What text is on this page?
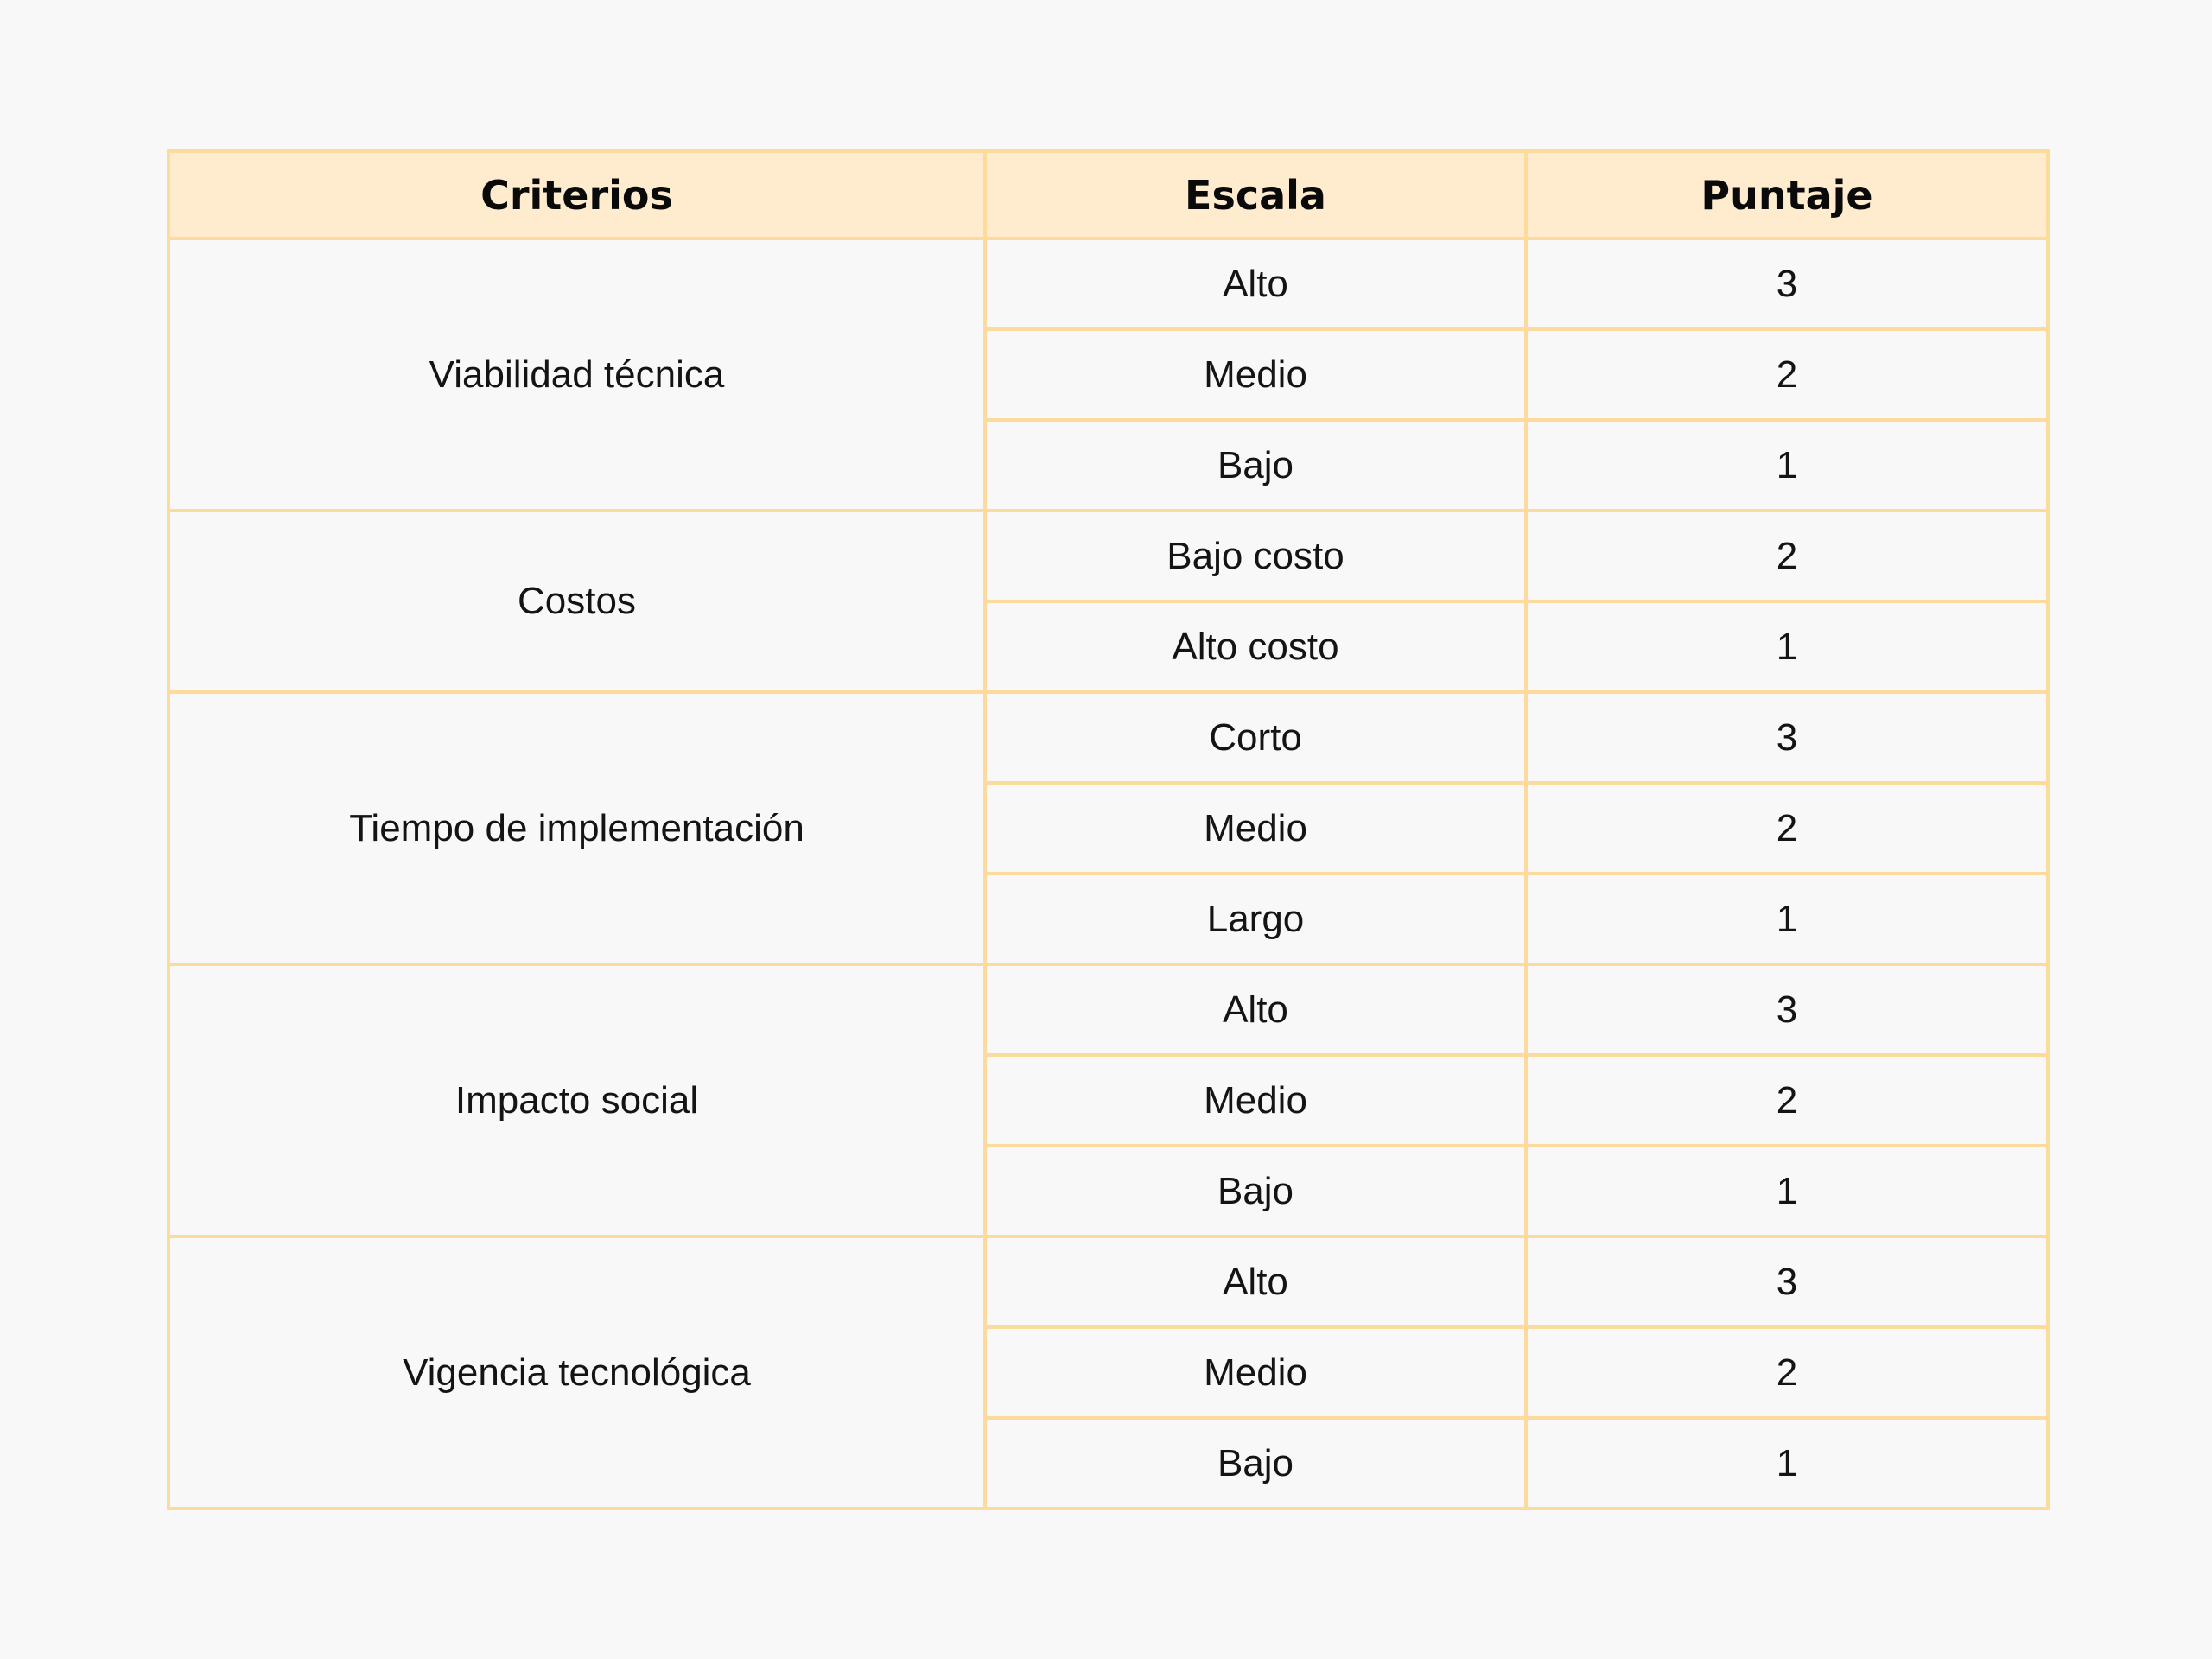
Criterios	Escala	Puntaje
Viabilidad técnica	Alto	3
	Medio	2
	Bajo	1
Costos	Bajo costo	2
	Alto costo	1
Tiempo de implementación	Corto	3
	Medio	2
	Largo	1
Impacto social	Alto	3
	Medio	2
	Bajo	1
Vigencia tecnológica	Alto	3
	Medio	2
	Bajo	1
